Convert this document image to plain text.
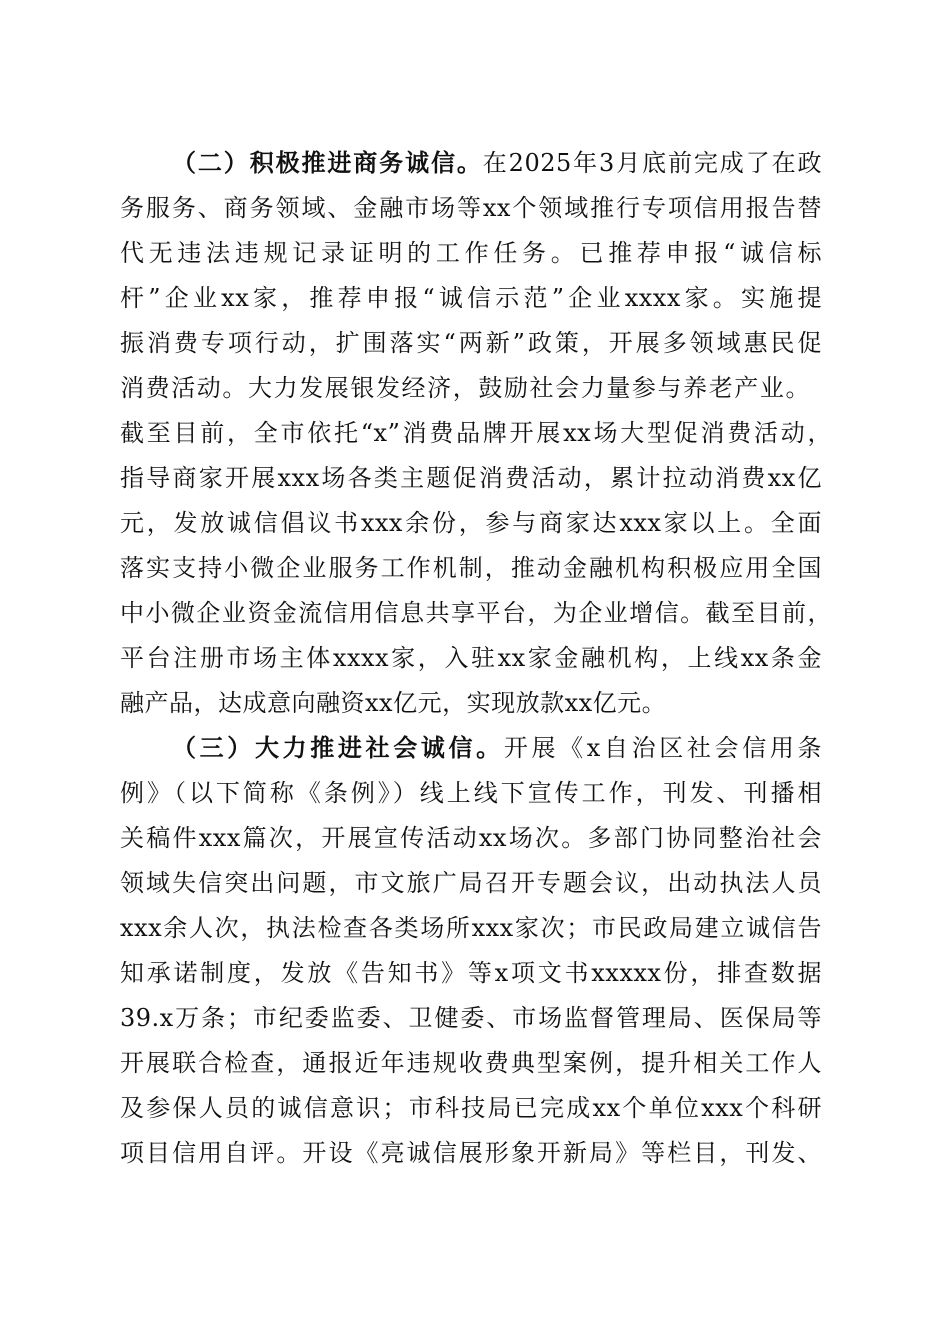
（二）积极推进商务诚信。在2025年3月底前完成了在政
务服务、商务领域、金融市场等xx个领域推行专项信用报告替
代无违法违规记录证明的工作任务。已推荐申报“诚信标
杆”企业xx家，推荐申报“诚信示范”企业xxxx家。实施提
振消费专项行动，扩围落实“两新”政策，开展多领域惠民促
消费活动。大力发展银发经济，鼓励社会力量参与养老产业。
截至目前，全市依托“x”消费品牌开展xx场大型促消费活动，
指导商家开展xxx场各类主题促消费活动，累计拉动消费xx亿
元，发放诚信倡议书xxx余份，参与商家达xxx家以上。全面
落实支持小微企业服务工作机制，推动金融机构积极应用全国
中小微企业资金流信用信息共享平台，为企业增信。截至目前，
平台注册市场主体xxxx家，入驻xx家金融机构，上线xx条金
融产品，达成意向融资xx亿元，实现放款xx亿元。
（三）大力推进社会诚信。开展《x自治区社会信用条
例》（以下简称《条例》）线上线下宣传工作，刊发、刊播相
关稿件xxx篇次，开展宣传活动xx场次。多部门协同整治社会
领域失信突出问题，市文旅广局召开专题会议，出动执法人员
xxx余人次，执法检查各类场所xxx家次；市民政局建立诚信告
知承诺制度，发放《告知书》等x项文书xxxxx份，排查数据
39.x万条；市纪委监委、卫健委、市场监督管理局、医保局等
开展联合检查，通报近年违规收费典型案例，提升相关工作人
及参保人员的诚信意识；市科技局已完成xx个单位xxx个科研
项目信用自评。开设《亮诚信展形象开新局》等栏目，刊发、
